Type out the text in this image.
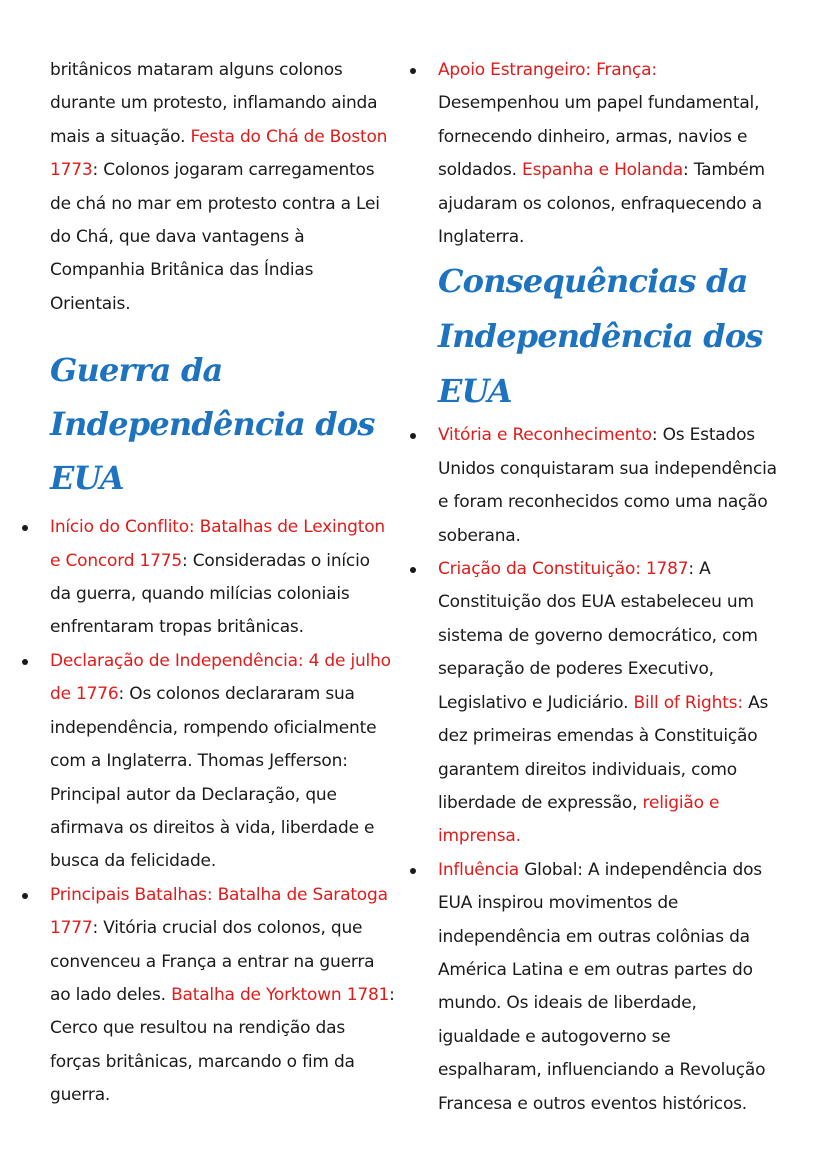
britânicos mataram alguns colonos durante um protesto, inflamando ainda mais a situação. Festa do Chá de Boston 1773: Colonos jogaram carregamentos de chá no mar em protesto contra a Lei do Chá, que dava vantagens à Companhia Britânica das Índias Orientais.

Guerra da Independência dos EUA

Início do Conflito: Batalhas de Lexington e Concord 1775: Consideradas o início da guerra, quando milícias coloniais enfrentaram tropas britânicas.

Declaração de Independência: 4 de julho de 1776: Os colonos declararam sua independência, rompendo oficialmente com a Inglaterra. Thomas Jefferson: Principal autor da Declaração, que afirmava os direitos à vida, liberdade e busca da felicidade.

Principais Batalhas: Batalha de Saratoga 1777: Vitória crucial dos colonos, que convenceu a França a entrar na guerra ao lado deles. Batalha de Yorktown 1781: Cerco que resultou na rendição das forças britânicas, marcando o fim da guerra.

Apoio Estrangeiro: França: Desempenhou um papel fundamental, fornecendo dinheiro, armas, navios e soldados. Espanha e Holanda: Também ajudaram os colonos, enfraquecendo a Inglaterra.

Consequências da Independência dos EUA

Vitória e Reconhecimento: Os Estados Unidos conquistaram sua independência e foram reconhecidos como uma nação soberana.

Criação da Constituição: 1787: A Constituição dos EUA estabeleceu um sistema de governo democrático, com separação de poderes Executivo, Legislativo e Judiciário. Bill of Rights: As dez primeiras emendas à Constituição garantem direitos individuais, como liberdade de expressão, religião e imprensa.

Influência Global: A independência dos EUA inspirou movimentos de independência em outras colônias da América Latina e em outras partes do mundo. Os ideais de liberdade, igualdade e autogoverno se espalharam, influenciando a Revolução Francesa e outros eventos históricos.
